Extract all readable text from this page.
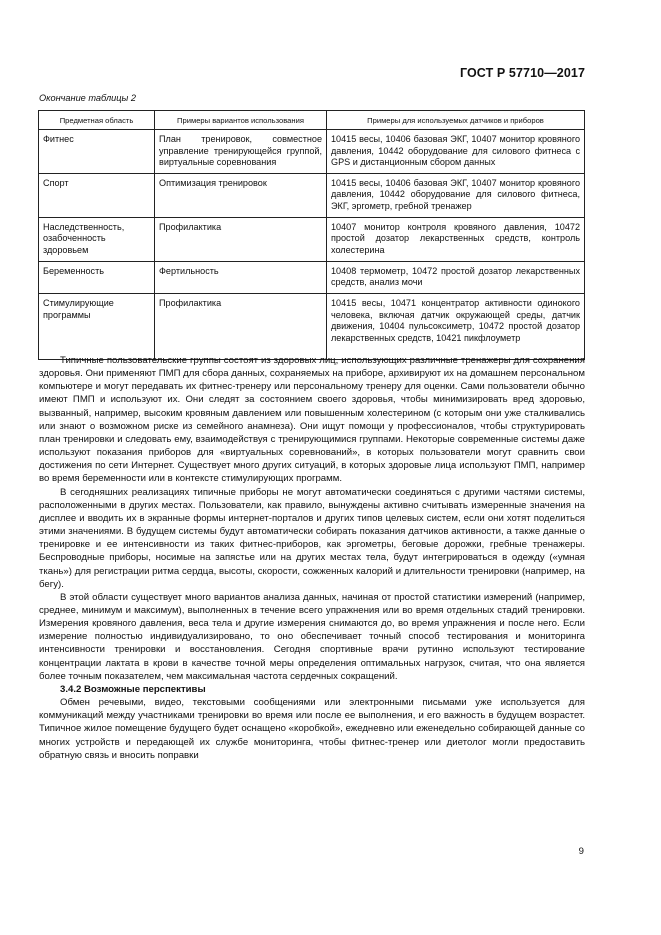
ГОСТ Р 57710—2017
Окончание таблицы 2
Предметная область	Примеры вариантов использования	Примеры для используемых датчиков и приборов
Фитнес	План тренировок, совместное управление тренирующейся группой, виртуальные соревнования	10415 весы, 10406 базовая ЭКГ, 10407 монитор кровяного давления, 10442 оборудование для силового фитнеса с GPS и дистанционным сбором данных
Спорт	Оптимизация тренировок	10415 весы, 10406 базовая ЭКГ, 10407 монитор кровяного давления, 10442 оборудование для силового фитнеса, ЭКГ, эргометр, гребной тренажер
Наследственность, озабоченность здоровьем	Профилактика	10407 монитор контроля кровяного давления, 10472 простой дозатор лекарственных средств, контроль холестерина
Беременность	Фертильность	10408 термометр, 10472 простой дозатор лекарственных средств, анализ мочи
Стимулирующие программы	Профилактика	10415 весы, 10471 концентратор активности одинокого человека, включая датчик окружающей среды, датчик движения, 10404 пульсоксиметр, 10472 простой дозатор лекарственных средств, 10421 пикфлоуметр

Типичные пользовательские группы состоят из здоровых лиц, использующих различные тренажеры для сохранения здоровья. Они применяют ПМП для сбора данных, сохраняемых на приборе, архивируют их на домашнем персональном компьютере и могут передавать их фитнес-тренеру или персональному тренеру для оценки. Сами пользователи обычно имеют ПМП и используют их. Они следят за состоянием своего здоровья, чтобы минимизировать вред здоровью, вызванный, например, высоким кровяным давлением или повышенным холестерином (с которым они уже сталкивались или знают о возможном риске из семейного анамнеза). Они ищут помощи у профессионалов, чтобы структурировать план тренировки и следовать ему, взаимодействуя с тренирующимися группами. Некоторые современные системы даже используют показания приборов для «виртуальных соревнований», в которых пользователи могут сравнить свои достижения по сети Интернет. Существует много других ситуаций, в которых здоровые лица используют ПМП, например во время беременности или в контексте стимулирующих программ.

В сегодняшних реализациях типичные приборы не могут автоматически соединяться с другими частями системы, расположенными в других местах. Пользователи, как правило, вынуждены активно считывать измеренные значения на дисплее и вводить их в экранные формы интернет-порталов и других типов целевых систем, если они хотят поделиться этими значениями. В будущем системы будут автоматически собирать показания датчиков активности, а также данные о тренировке и ее интенсивности из таких фитнес-приборов, как эргометры, беговые дорожки, гребные тренажеры. Беспроводные приборы, носимые на запястье или на других местах тела, будут интегрироваться в одежду («умная ткань») для регистрации ритма сердца, высоты, скорости, сожженных калорий и длительности тренировки (например, на бегу).

В этой области существует много вариантов анализа данных, начиная от простой статистики измерений (например, среднее, минимум и максимум), выполненных в течение всего упражнения или во время отдельных стадий тренировки. Измерения кровяного давления, веса тела и другие измерения снимаются до, во время упражнения и после него. Если измерение полностью индивидуализировано, то оно обеспечивает точный способ тестирования и мониторинга интенсивности тренировки и восстановления. Сегодня спортивные врачи рутинно используют тестирование концентрации лактата в крови в качестве точной меры определения оптимальных нагрузок, считая, что она является более точным показателем, чем максимальная частота сердечных сокращений.

3.4.2 Возможные перспективы

Обмен речевыми, видео, текстовыми сообщениями или электронными письмами уже используется для коммуникаций между участниками тренировки во время или после ее выполнения, и его важность в будущем возрастет. Типичное жилое помещение будущего будет оснащено «коробкой», ежедневно или еженедельно собирающей данные со многих устройств и передающей их службе мониторинга, чтобы фитнес-тренер или диетолог могли предоставить обратную связь и вносить поправки

9
